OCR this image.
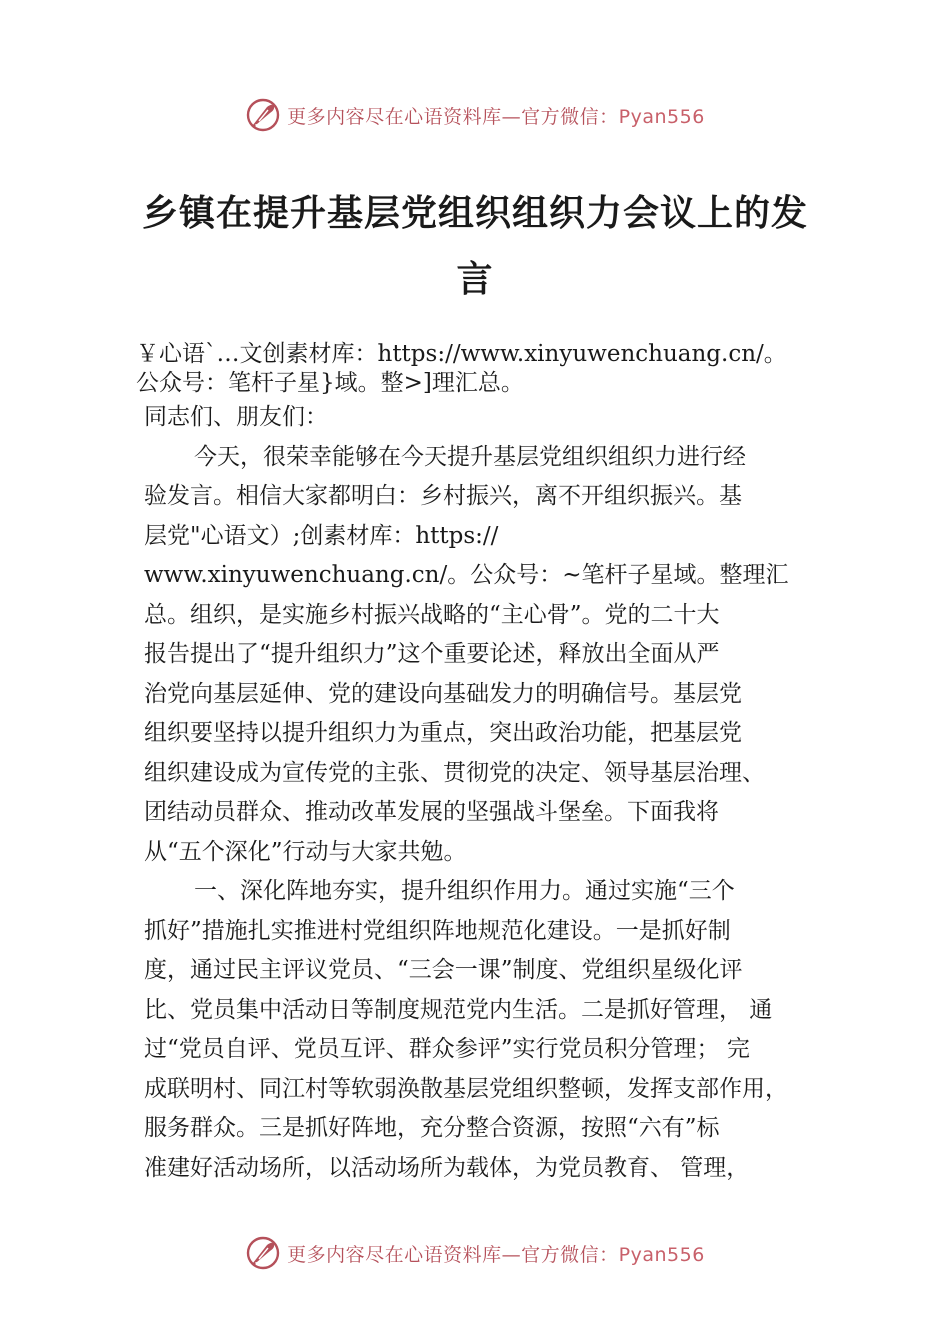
更多内容尽在心语资料库—官方微信：Pyan556
乡镇在提升基层党组织组织力会议上的发
言
￥心语`…文创素材库：https://www.xinyuwenchuang.cn/。
公众号：笔杆子星}域。整>]理汇总。
同志们、朋友们：
今天，很荣幸能够在今天提升基层党组织组织力进行经
验发言。相信大家都明白：乡村振兴，离不开组织振兴。基
层党"心语文）;创素材库：https://
www.xinyuwenchuang.cn/。公众号：~笔杆子星域。整理汇
总。组织，是实施乡村振兴战略的“主心骨”。党的二十大
报告提出了“提升组织力”这个重要论述，释放出全面从严
治党向基层延伸、党的建设向基础发力的明确信号。基层党
组织要坚持以提升组织力为重点，突出政治功能，把基层党
组织建设成为宣传党的主张、贯彻党的决定、领导基层治理、
团结动员群众、推动改革发展的坚强战斗堡垒。下面我将
从“五个深化”行动与大家共勉。
一、深化阵地夯实，提升组织作用力。通过实施“三个
抓好”措施扎实推进村党组织阵地规范化建设。一是抓好制
度，通过民主评议党员、“三会一课”制度、党组织星级化评
比、党员集中活动日等制度规范党内生活。二是抓好管理， 通
过“党员自评、党员互评、群众参评”实行党员积分管理； 完
成联明村、同江村等软弱涣散基层党组织整顿，发挥支部作用，
服务群众。三是抓好阵地，充分整合资源，按照“六有”标
准建好活动场所，以活动场所为载体，为党员教育、 管理，
更多内容尽在心语资料库—官方微信：Pyan556
